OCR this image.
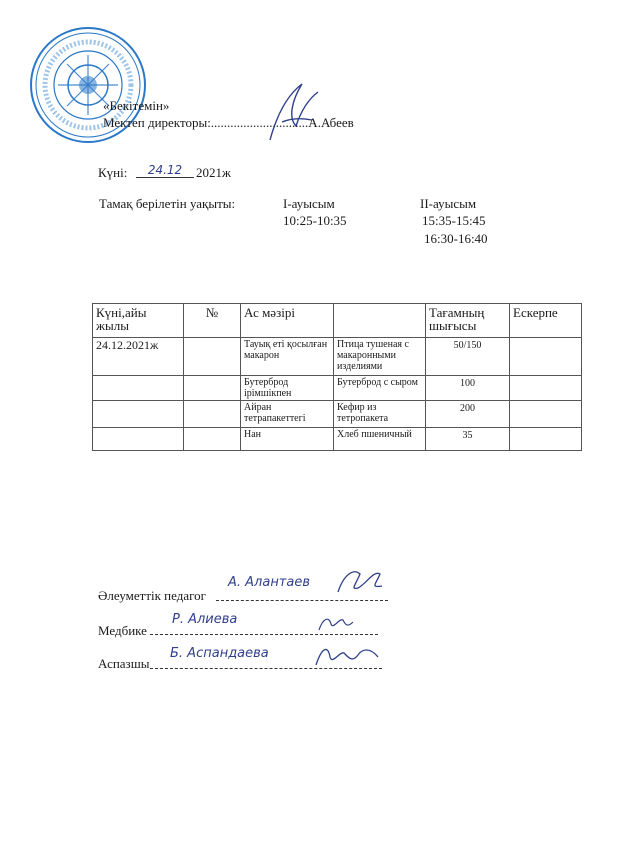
«Бекітемін»
Мектеп директоры:..............................А.Абеев
Күні:	24.12	2021ж
Тамақ берілетін уақыты:	I-ауысым
10:25-10:35
II-ауысым
15:35-15:45
16:30-16:40
Күні,айы жылы	№	Ас мәзірі		Тағамның шығысы	Ескерпе
24.12.2021ж		Тауық еті қосылған макарон	Птица тушеная с макаронными изделиями	50/150	
		Бутерброд ірімшікпен	Бутерброд с сыром	100	
		Айран тетрапакеттегі	Кефир из тетропакета	200	
		Нан	Хлеб пшеничный	35	
Әлеуметтік педагог
А. Алантаев
Медбике
Р. Алиева
Аспазшы
Б. Аспандаева
